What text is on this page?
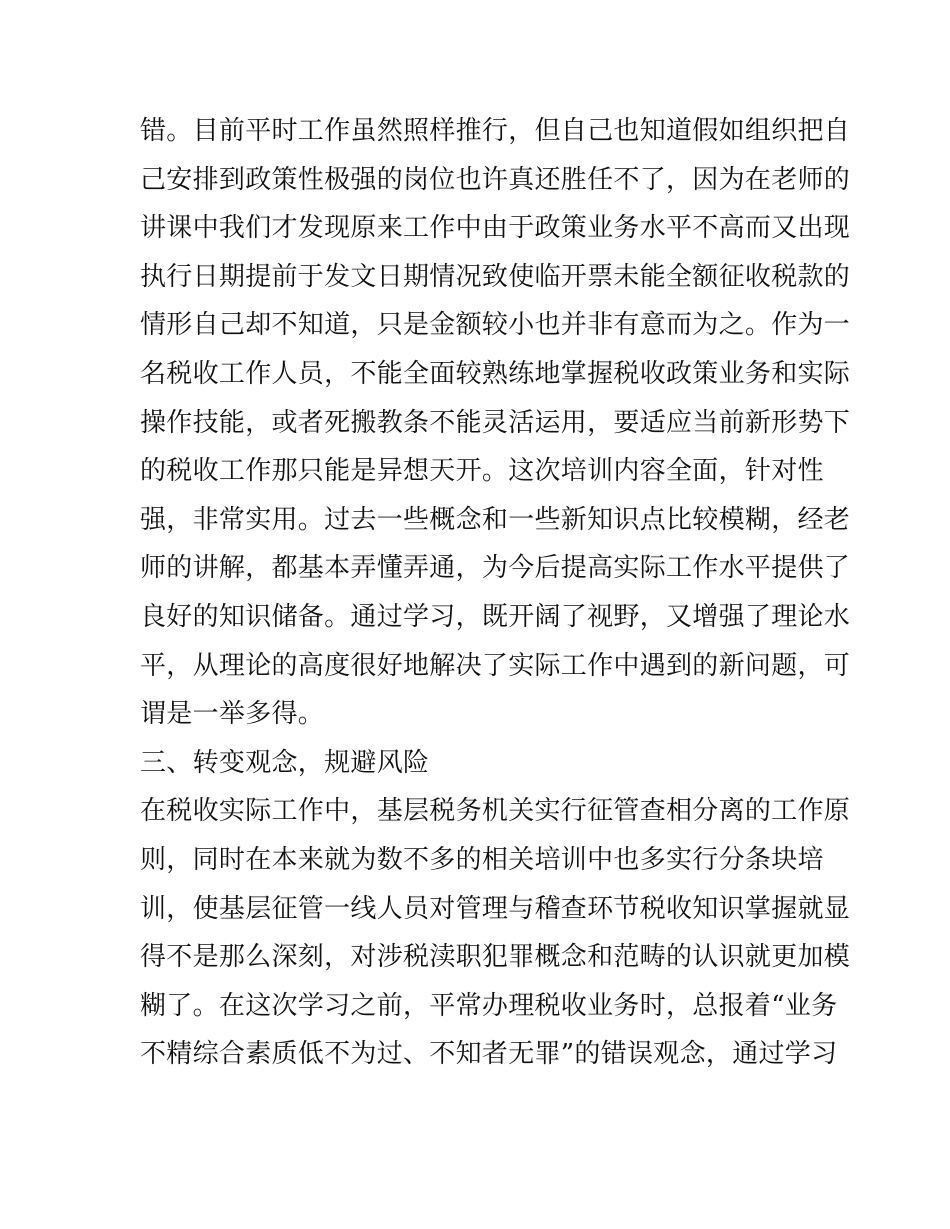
错。目前平时工作虽然照样推行，但自己也知道假如组织把自
己安排到政策性极强的岗位也许真还胜任不了，因为在老师的
讲课中我们才发现原来工作中由于政策业务水平不高而又出现
执行日期提前于发文日期情况致使临开票未能全额征收税款的
情形自己却不知道，只是金额较小也并非有意而为之。作为一
名税收工作人员，不能全面较熟练地掌握税收政策业务和实际
操作技能，或者死搬教条不能灵活运用，要适应当前新形势下
的税收工作那只能是异想天开。这次培训内容全面，针对性
强，非常实用。过去一些概念和一些新知识点比较模糊，经老
师的讲解，都基本弄懂弄通，为今后提高实际工作水平提供了
良好的知识储备。通过学习，既开阔了视野，又增强了理论水
平，从理论的高度很好地解决了实际工作中遇到的新问题，可
谓是一举多得。
三、转变观念，规避风险
在税收实际工作中，基层税务机关实行征管查相分离的工作原
则，同时在本来就为数不多的相关培训中也多实行分条块培
训，使基层征管一线人员对管理与稽查环节税收知识掌握就显
得不是那么深刻，对涉税渎职犯罪概念和范畴的认识就更加模
糊了。在这次学习之前，平常办理税收业务时，总报着“业务
不精综合素质低不为过、不知者无罪”的错误观念，通过学习
